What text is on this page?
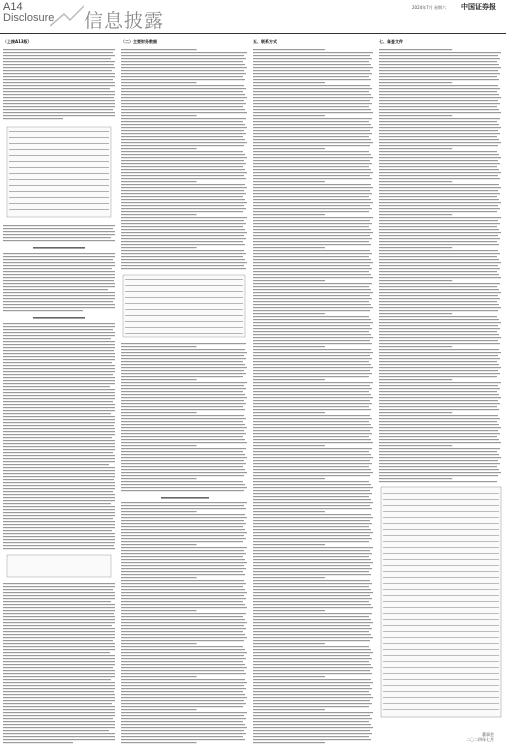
A14
Disclosure 信息披露
2024年7月 星期六 中国证券报
（上接A13版）	（二）主要财务数据	五、联系方式	七、备查文件
董事会
二〇二四年七月
